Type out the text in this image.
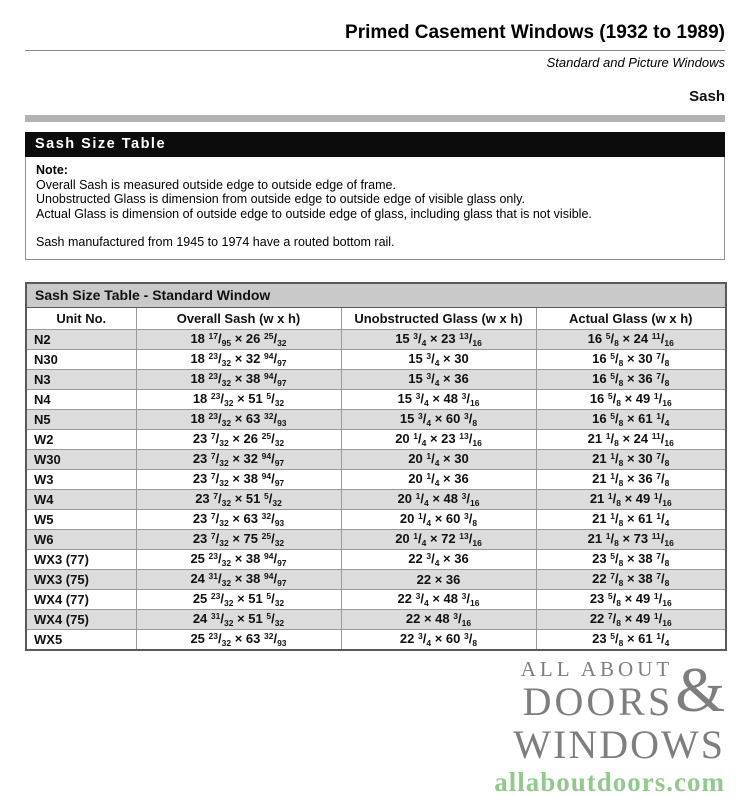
Primed Casement Windows (1932 to 1989)
Standard and Picture Windows
Sash
Sash Size Table
Note:
Overall Sash is measured outside edge to outside edge of frame.
Unobstructed Glass is dimension from outside edge to outside edge of visible glass only.
Actual Glass is dimension of outside edge to outside edge of glass, including glass that is not visible.
Sash manufactured from 1945 to 1974 have a routed bottom rail.
Sash Size Table - Standard Window			
Unit No.	Overall Sash (w x h)	Unobstructed Glass (w x h)	Actual Glass (w x h)
N2	18 $^{17}/_{95} \times 26$ $^{25}/_{32}$	15 $^3/_4 \times 23$ $^{13}/_{16}$	16 $^5/_8 \times 24$ $^{11}/_{16}$
N30	18 $^{23}/_{32} \times 32$ $^{94}/_{97}$	15 $^3/_4 \times 30$	16 $^5/_8 \times 30$ $^7/_8$
N3	18 $^{23}/_{32} \times 38$ $^{94}/_{97}$	15 $^3/_4 \times 36$	16 $^5/_8 \times 36$ $^7/_8$
N4	18 $^{23}/_{32} \times 51$ $^5/_{32}$	15 $^3/_4 \times 48$ $^3/_{16}$	16 $^5/_8 \times 49$ $^1/_{16}$
N5	18 $^{23}/_{32} \times 63$ $^{32}/_{93}$	15 $^3/_4 \times 60$ $^3/_8$	16 $^5/_8 \times 61$ $^1/_4$
W2	23 $^7/_{32} \times 26$ $^{25}/_{32}$	20 $^1/_4 \times 23$ $^{13}/_{16}$	21 $^1/_8 \times 24$ $^{11}/_{16}$
W30	23 $^7/_{32} \times 32$ $^{94}/_{97}$	20 $^1/_4 \times 30$	21 $^1/_8 \times 30$ $^7/_8$
W3	23 $^7/_{32} \times 38$ $^{94}/_{97}$	20 $^1/_4 \times 36$	21 $^1/_8 \times 36$ $^7/_8$
W4	23 $^7/_{32} \times 51$ $^5/_{32}$	20 $^1/_4 \times 48$ $^3/_{16}$	21 $^1/_8 \times 49$ $^1/_{16}$
W5	23 $^7/_{32} \times 63$ $^{32}/_{93}$	20 $^1/_4 \times 60$ $^3/_8$	21 $^1/_8 \times 61$ $^1/_4$
W6	23 $^7/_{32} \times 75$ $^{25}/_{32}$	20 $^1/_4 \times 72$ $^{13}/_{16}$	21 $^1/_8 \times 73$ $^{11}/_{16}$
WX3 (77)	25 $^{23}/_{32} \times 38$ $^{94}/_{97}$	22 $^3/_4 \times 36$	23 $^5/_8 \times 38$ $^7/_8$
WX3 (75)	24 $^{31}/_{32} \times 38$ $^{94}/_{97}$	22 × 36	22 $^7/_8 \times 38$ $^7/_8$
WX4 (77)	25 $^{23}/_{32} \times 51$ $^5/_{32}$	22 $^3/_4 \times 48$ $^3/_{16}$	23 $^5/_8 \times 49$ $^1/_{16}$
WX4 (75)	24 $^{31}/_{32} \times 51$ $^5/_{32}$	22 × 48 $^3/_{16}$	22 $^7/_8 \times 49$ $^1/_{16}$
WX5	25 $^{23}/_{32} \times 63$ $^{32}/_{93}$	22 $^3/_4 \times 60$ $^3/_8$	23 $^5/_8 \times 61$ $^1/_4$
ALL ABOUT
DOORS &
WINDOWS
allaboutdoors.com
